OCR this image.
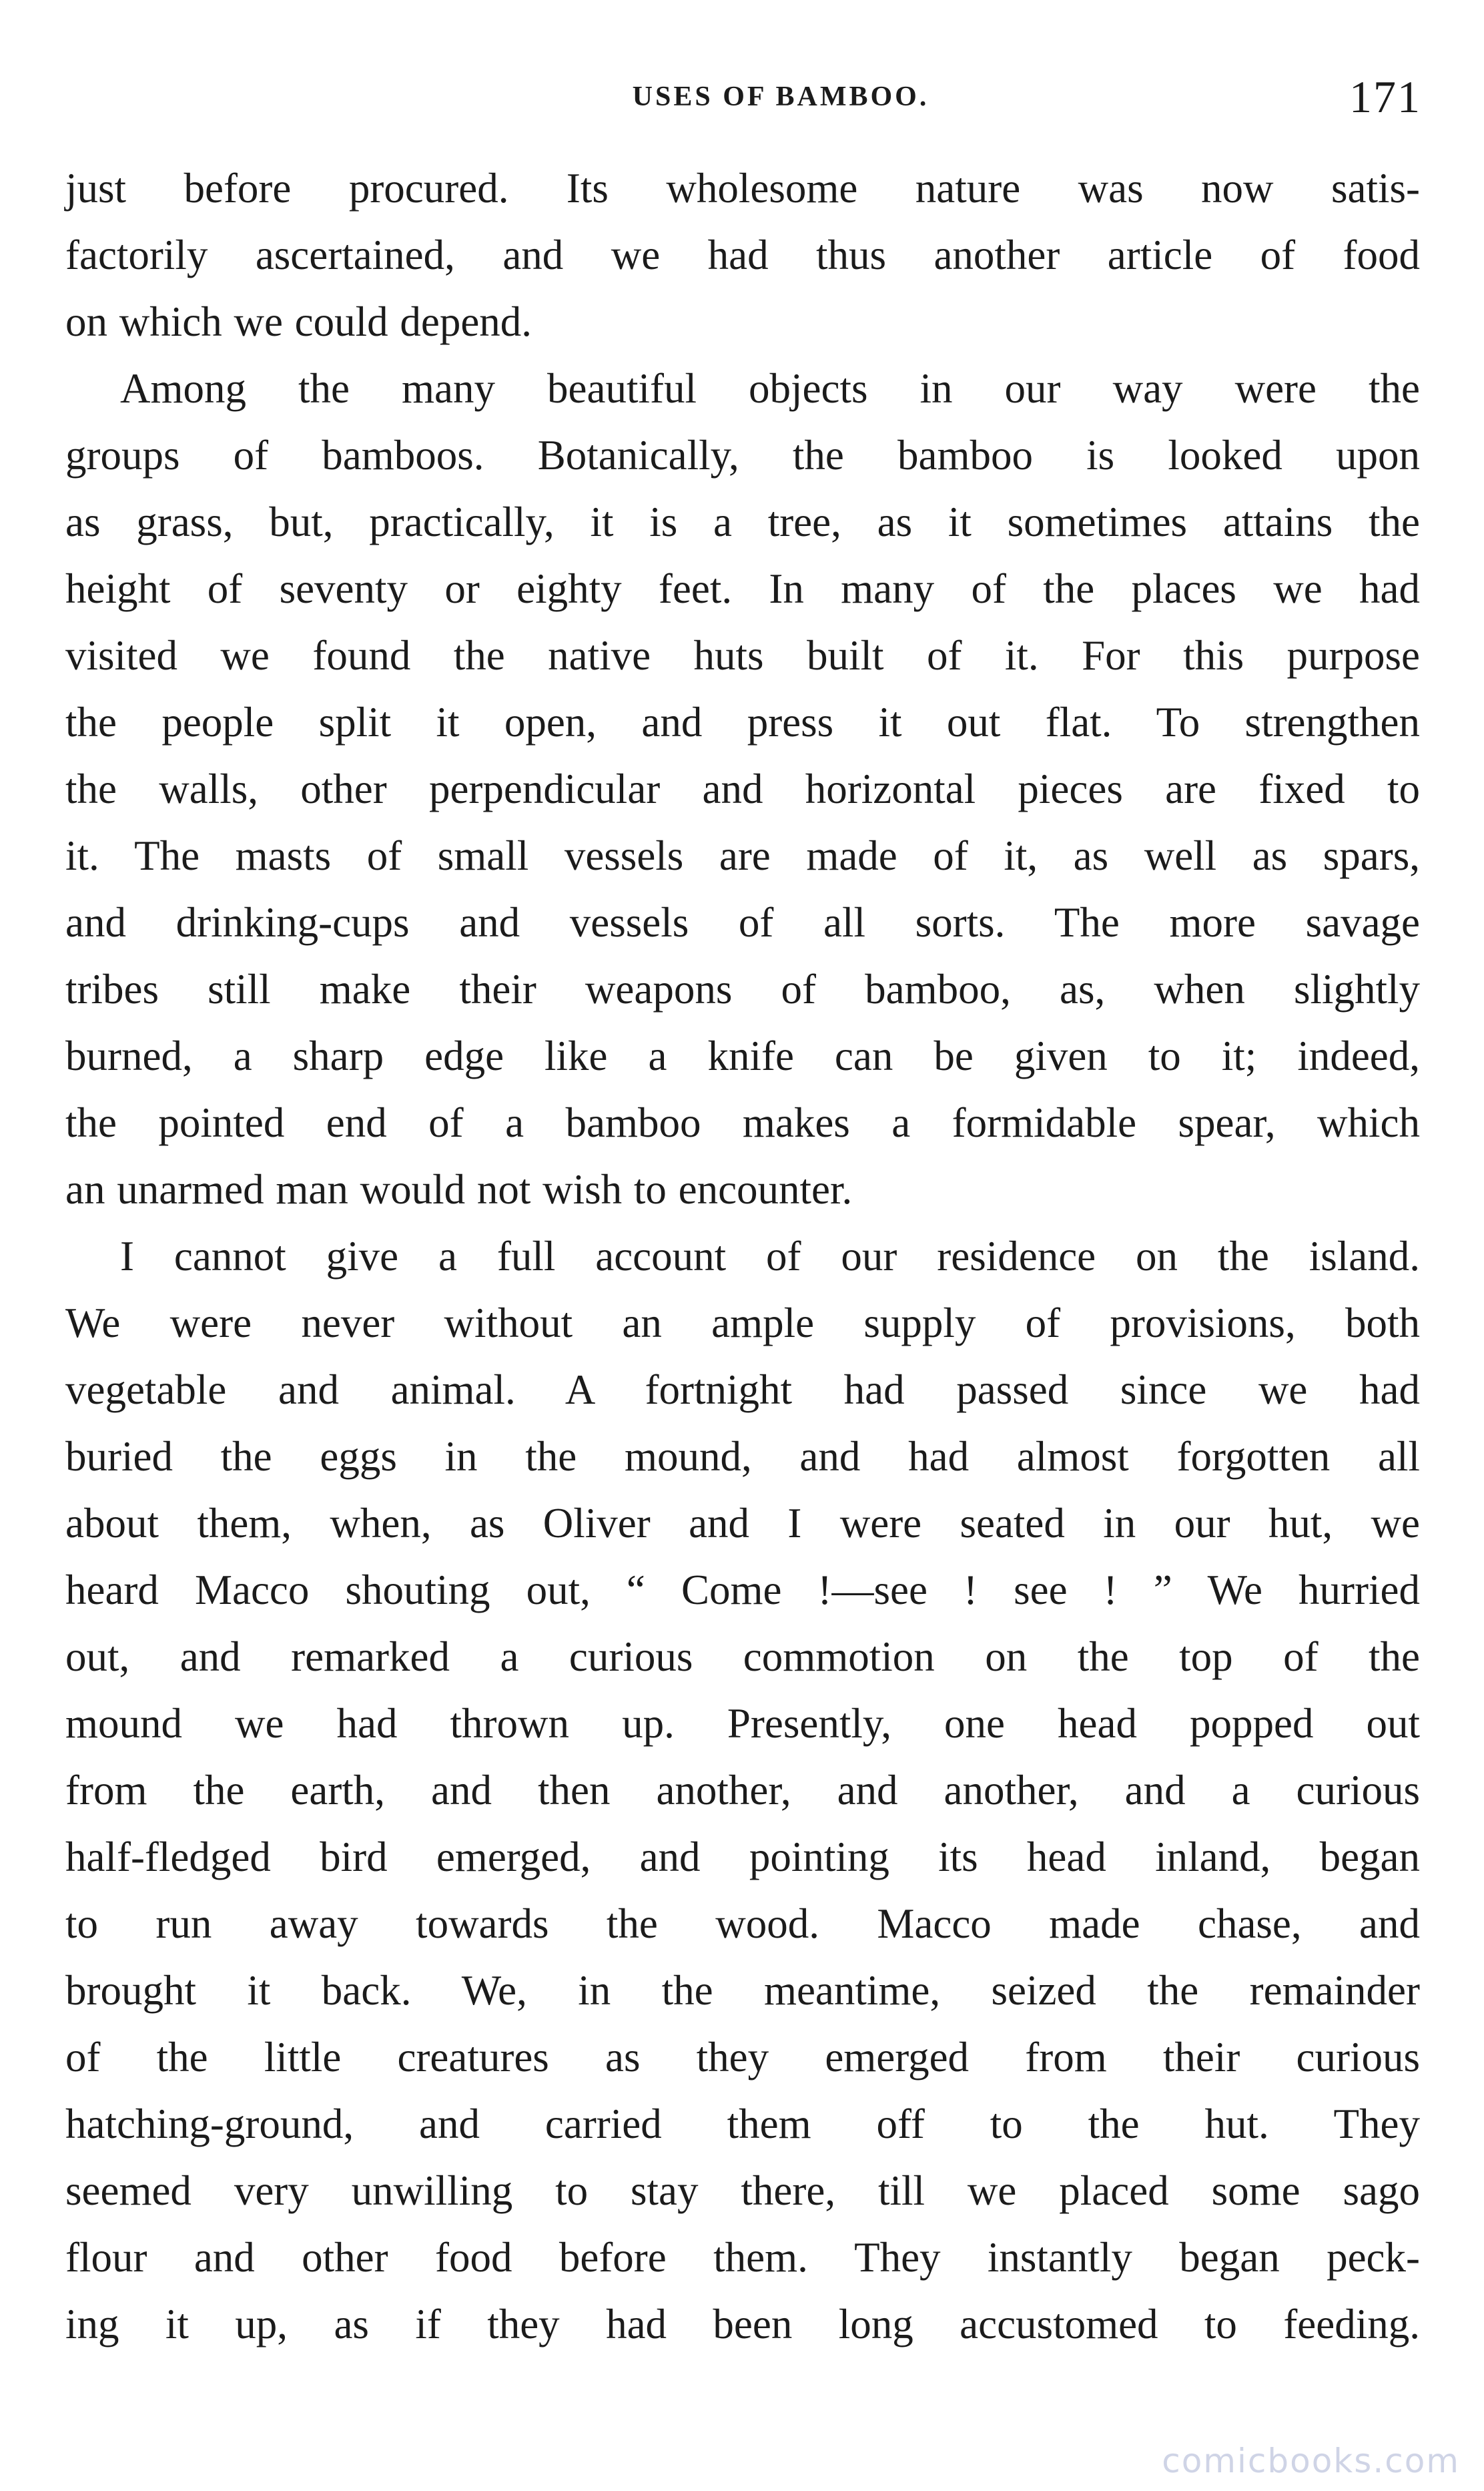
USES OF BAMBOO.	171
just before procured. Its wholesome nature was now satis-
factorily ascertained, and we had thus another article of food
on which we could depend.
Among the many beautiful objects in our way were the
groups of bamboos. Botanically, the bamboo is looked upon
as grass, but, practically, it is a tree, as it sometimes attains the
height of seventy or eighty feet. In many of the places we had
visited we found the native huts built of it. For this purpose
the people split it open, and press it out flat. To strengthen
the walls, other perpendicular and horizontal pieces are fixed to
it. The masts of small vessels are made of it, as well as spars,
and drinking-cups and vessels of all sorts. The more savage
tribes still make their weapons of bamboo, as, when slightly
burned, a sharp edge like a knife can be given to it; indeed,
the pointed end of a bamboo makes a formidable spear, which
an unarmed man would not wish to encounter.
I cannot give a full account of our residence on the island.
We were never without an ample supply of provisions, both
vegetable and animal. A fortnight had passed since we had
buried the eggs in the mound, and had almost forgotten all
about them, when, as Oliver and I were seated in our hut, we
heard Macco shouting out, “ Come !—see ! see ! ” We hurried
out, and remarked a curious commotion on the top of the
mound we had thrown up. Presently, one head popped out
from the earth, and then another, and another, and a curious
half-fledged bird emerged, and pointing its head inland, began
to run away towards the wood. Macco made chase, and
brought it back. We, in the meantime, seized the remainder
of the little creatures as they emerged from their curious
hatching-ground, and carried them off to the hut. They
seemed very unwilling to stay there, till we placed some sago
flour and other food before them. They instantly began peck-
ing it up, as if they had been long accustomed to feeding.
comicbooks.com
